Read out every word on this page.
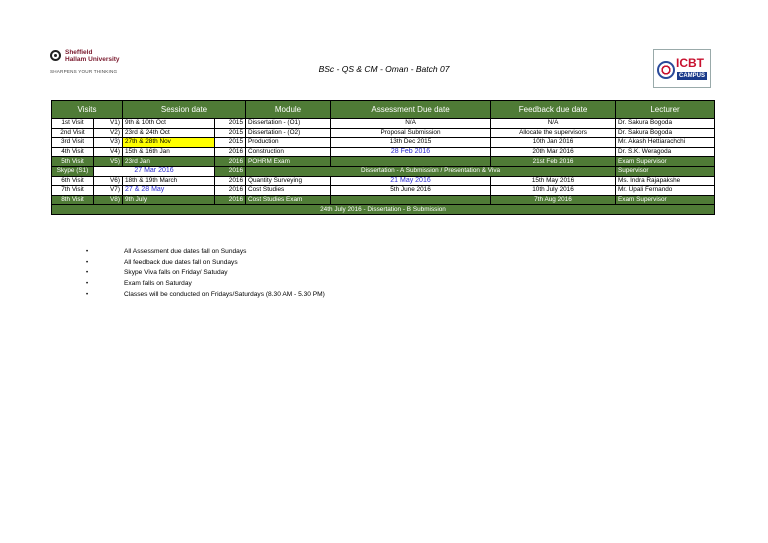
Sheffield
Hallam University
SHARPENS YOUR THINKING	BSc - QS & CM - Oman - Batch 07	ICBT
CAMPUS
Visits		Session date		Module	Assessment Due date	Feedback due date	Lecturer
1st Visit	V1)	9th & 10th Oct	2015	Dissertation - (O1)	N/A	N/A	Dr. Sakura Bogoda
2nd Visit	V2)	23rd & 24th Oct	2015	Dissertation - (O2)	Proposal Submission	Allocate the supervisors	Dr. Sakura Bogoda
3rd Visit	V3)	27th & 28th Nov	2015	Production	13th Dec 2015	10th Jan 2016	Mr. Akash Hettiarachchi
4th Visit	V4)	15th & 16th Jan	2016	Construction	28 Feb 2016	20th Mar 2016	Dr. S.K. Weragoda
5th Visit	V5)	23rd Jan	2016	POHRM Exam		21st Feb 2016	Exam Supervisor
Skype (S1)	27 Mar 2016		2016	Dissertation - A Submission / Presentation & Viva			Supervisor
6th Visit	V6)	18th & 19th March	2016	Quantity Surveying	21 May 2016	15th May 2016	Ms. Indra Rajapakshe
7th Visit	V7)	27 & 28 May	2016	Cost Studies	5th June 2016	10th July 2016	Mr. Upali Fernando
8th Visit	V8)	9th July	2016	Cost Studies Exam		7th Aug 2016	Exam Supervisor
24th July 2016 - Dissertation - B Submission							
• All Assessment due dates fall on Sundays
• All feedback due dates fall on Sundays
• Skype Viva falls on Friday/ Satuday
• Exam falls on Saturday
• Classes will be conducted on Fridays/Saturdays (8.30 AM - 5.30 PM)
